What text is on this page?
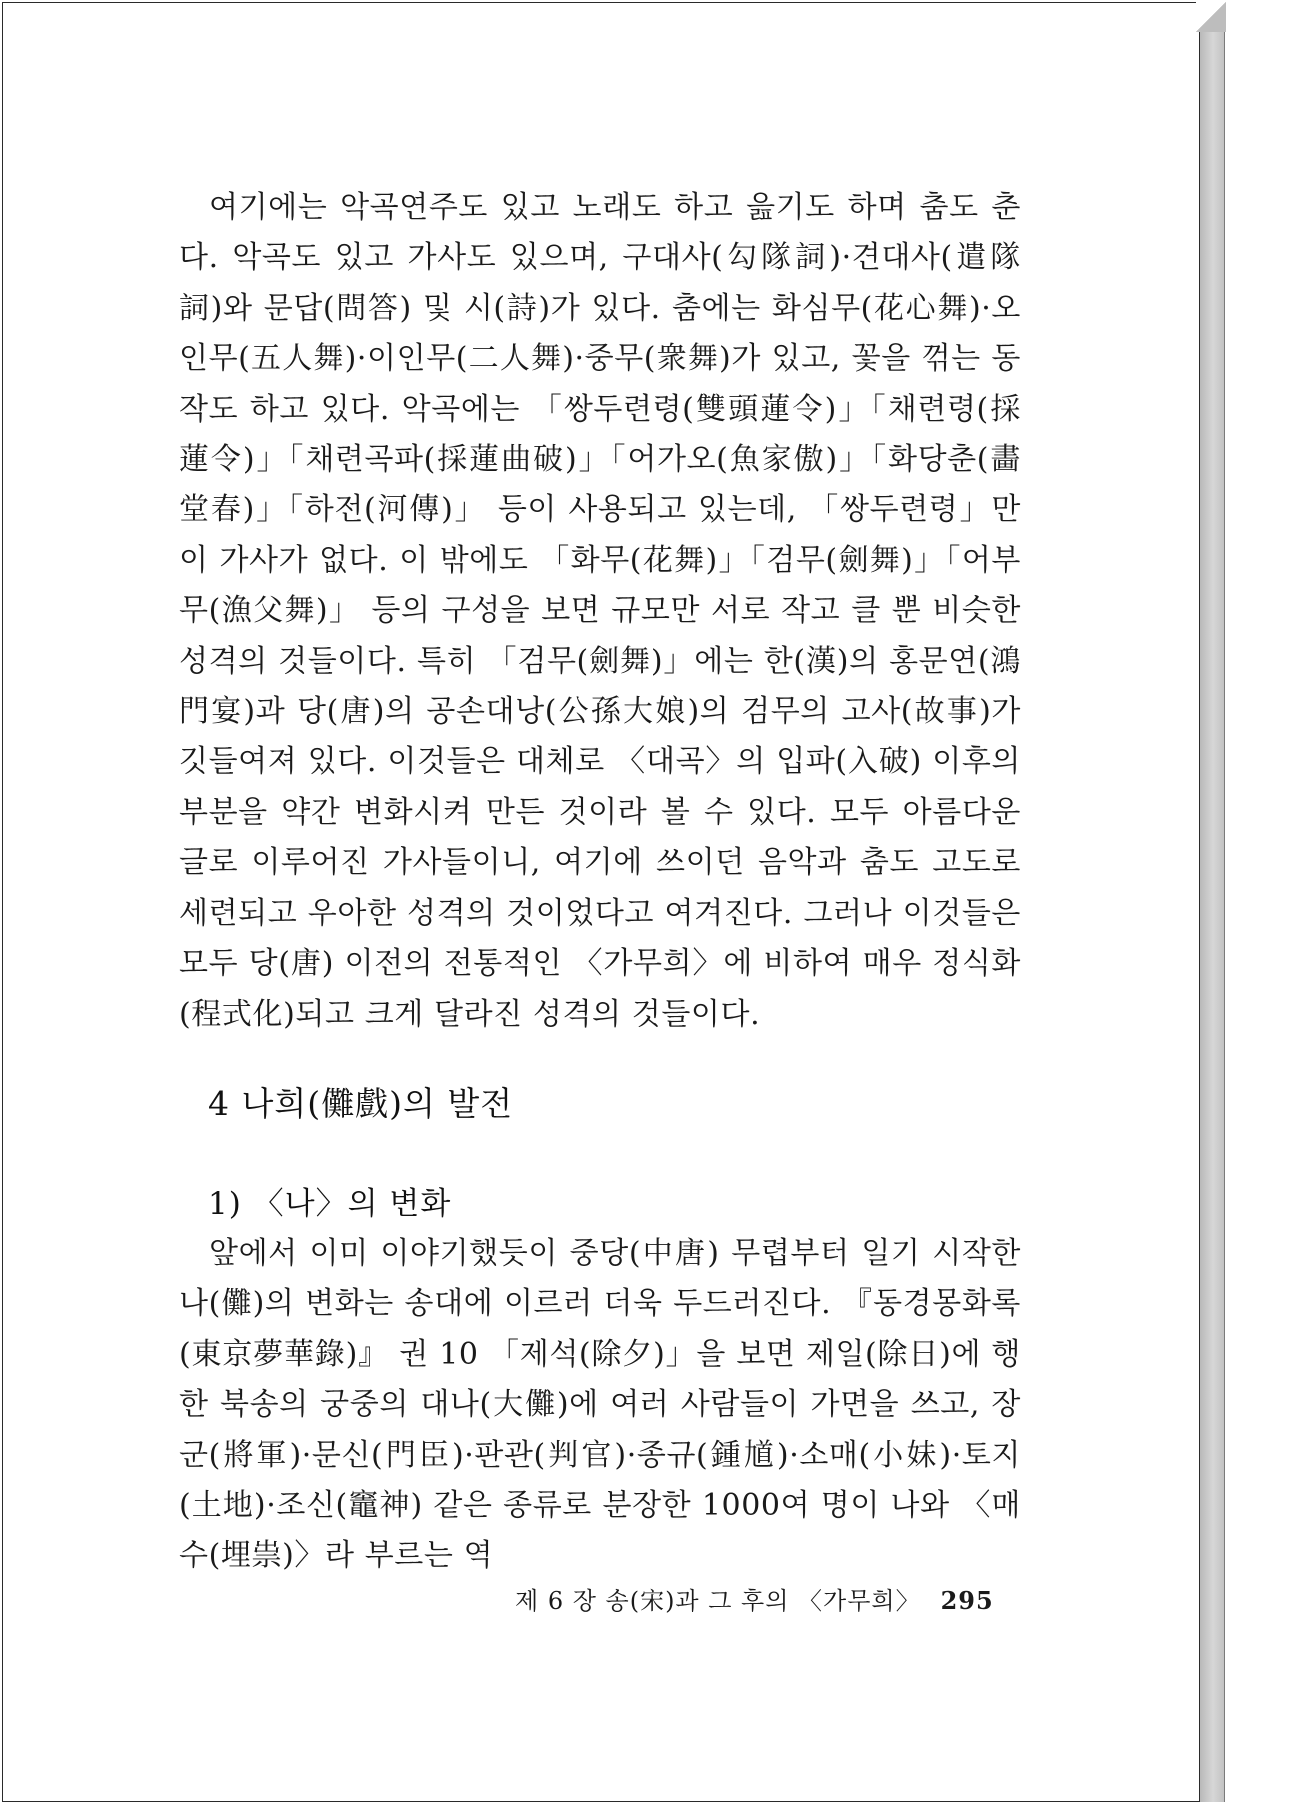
여기에는 악곡연주도 있고 노래도 하고 읊기도 하며 춤도 춘다. 악곡도 있고 가사도 있으며, 구대사(勾隊詞)·견대사(遣隊詞)와 문답(問答) 및 시(詩)가 있다. 춤에는 화심무(花心舞)·오인무(五人舞)·이인무(二人舞)·중무(衆舞)가 있고, 꽃을 꺾는 동작도 하고 있다. 악곡에는 「쌍두련령(雙頭蓮令)」「채련령(採蓮令)」「채련곡파(採蓮曲破)」「어가오(魚家傲)」「화당춘(畵堂春)」「하전(河傳)」 등이 사용되고 있는데, 「쌍두련령」만이 가사가 없다. 이 밖에도 「화무(花舞)」「검무(劍舞)」「어부무(漁父舞)」 등의 구성을 보면 규모만 서로 작고 클 뿐 비슷한 성격의 것들이다. 특히 「검무(劍舞)」에는 한(漢)의 홍문연(鴻門宴)과 당(唐)의 공손대낭(公孫大娘)의 검무의 고사(故事)가 깃들여져 있다. 이것들은 대체로 〈대곡〉의 입파(入破) 이후의 부분을 약간 변화시켜 만든 것이라 볼 수 있다. 모두 아름다운 글로 이루어진 가사들이니, 여기에 쓰이던 음악과 춤도 고도로 세련되고 우아한 성격의 것이었다고 여겨진다. 그러나 이것들은 모두 당(唐) 이전의 전통적인 〈가무희〉에 비하여 매우 정식화(程式化)되고 크게 달라진 성격의 것들이다.

4 나희(儺戲)의 발전
1) 〈나〉의 변화

앞에서 이미 이야기했듯이 중당(中唐) 무렵부터 일기 시작한 나(儺)의 변화는 송대에 이르러 더욱 두드러진다. 『동경몽화록(東京夢華錄)』 권 10 「제석(除夕)」을 보면 제일(除日)에 행한 북송의 궁중의 대나(大儺)에 여러 사람들이 가면을 쓰고, 장군(將軍)·문신(門臣)·판관(判官)·종규(鍾馗)·소매(小妹)·토지(土地)·조신(竈神) 같은 종류로 분장한 1000여 명이 나와 〈매수(埋祟)〉라 부르는 역

제 6 장 송(宋)과 그 후의 〈가무희〉 295
